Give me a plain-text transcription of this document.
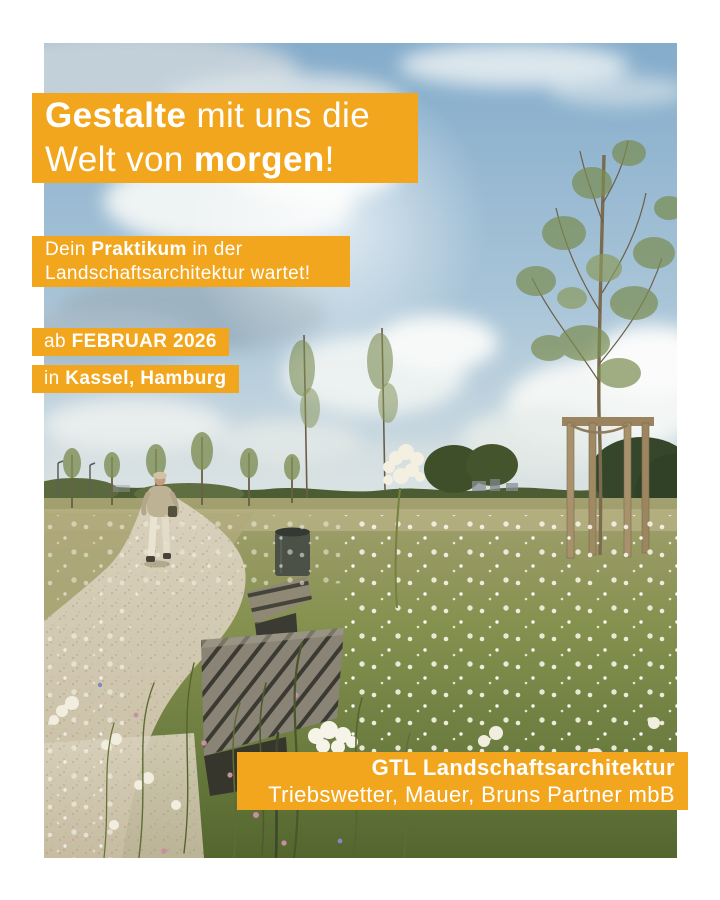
Gestalte mit uns die
Welt von morgen!
Dein Praktikum in der
Landschaftsarchitektur wartet!
ab FEBRUAR 2026
in Kassel, Hamburg
GTL Landschaftsarchitektur
Triebswetter, Mauer, Bruns Partner mbB
